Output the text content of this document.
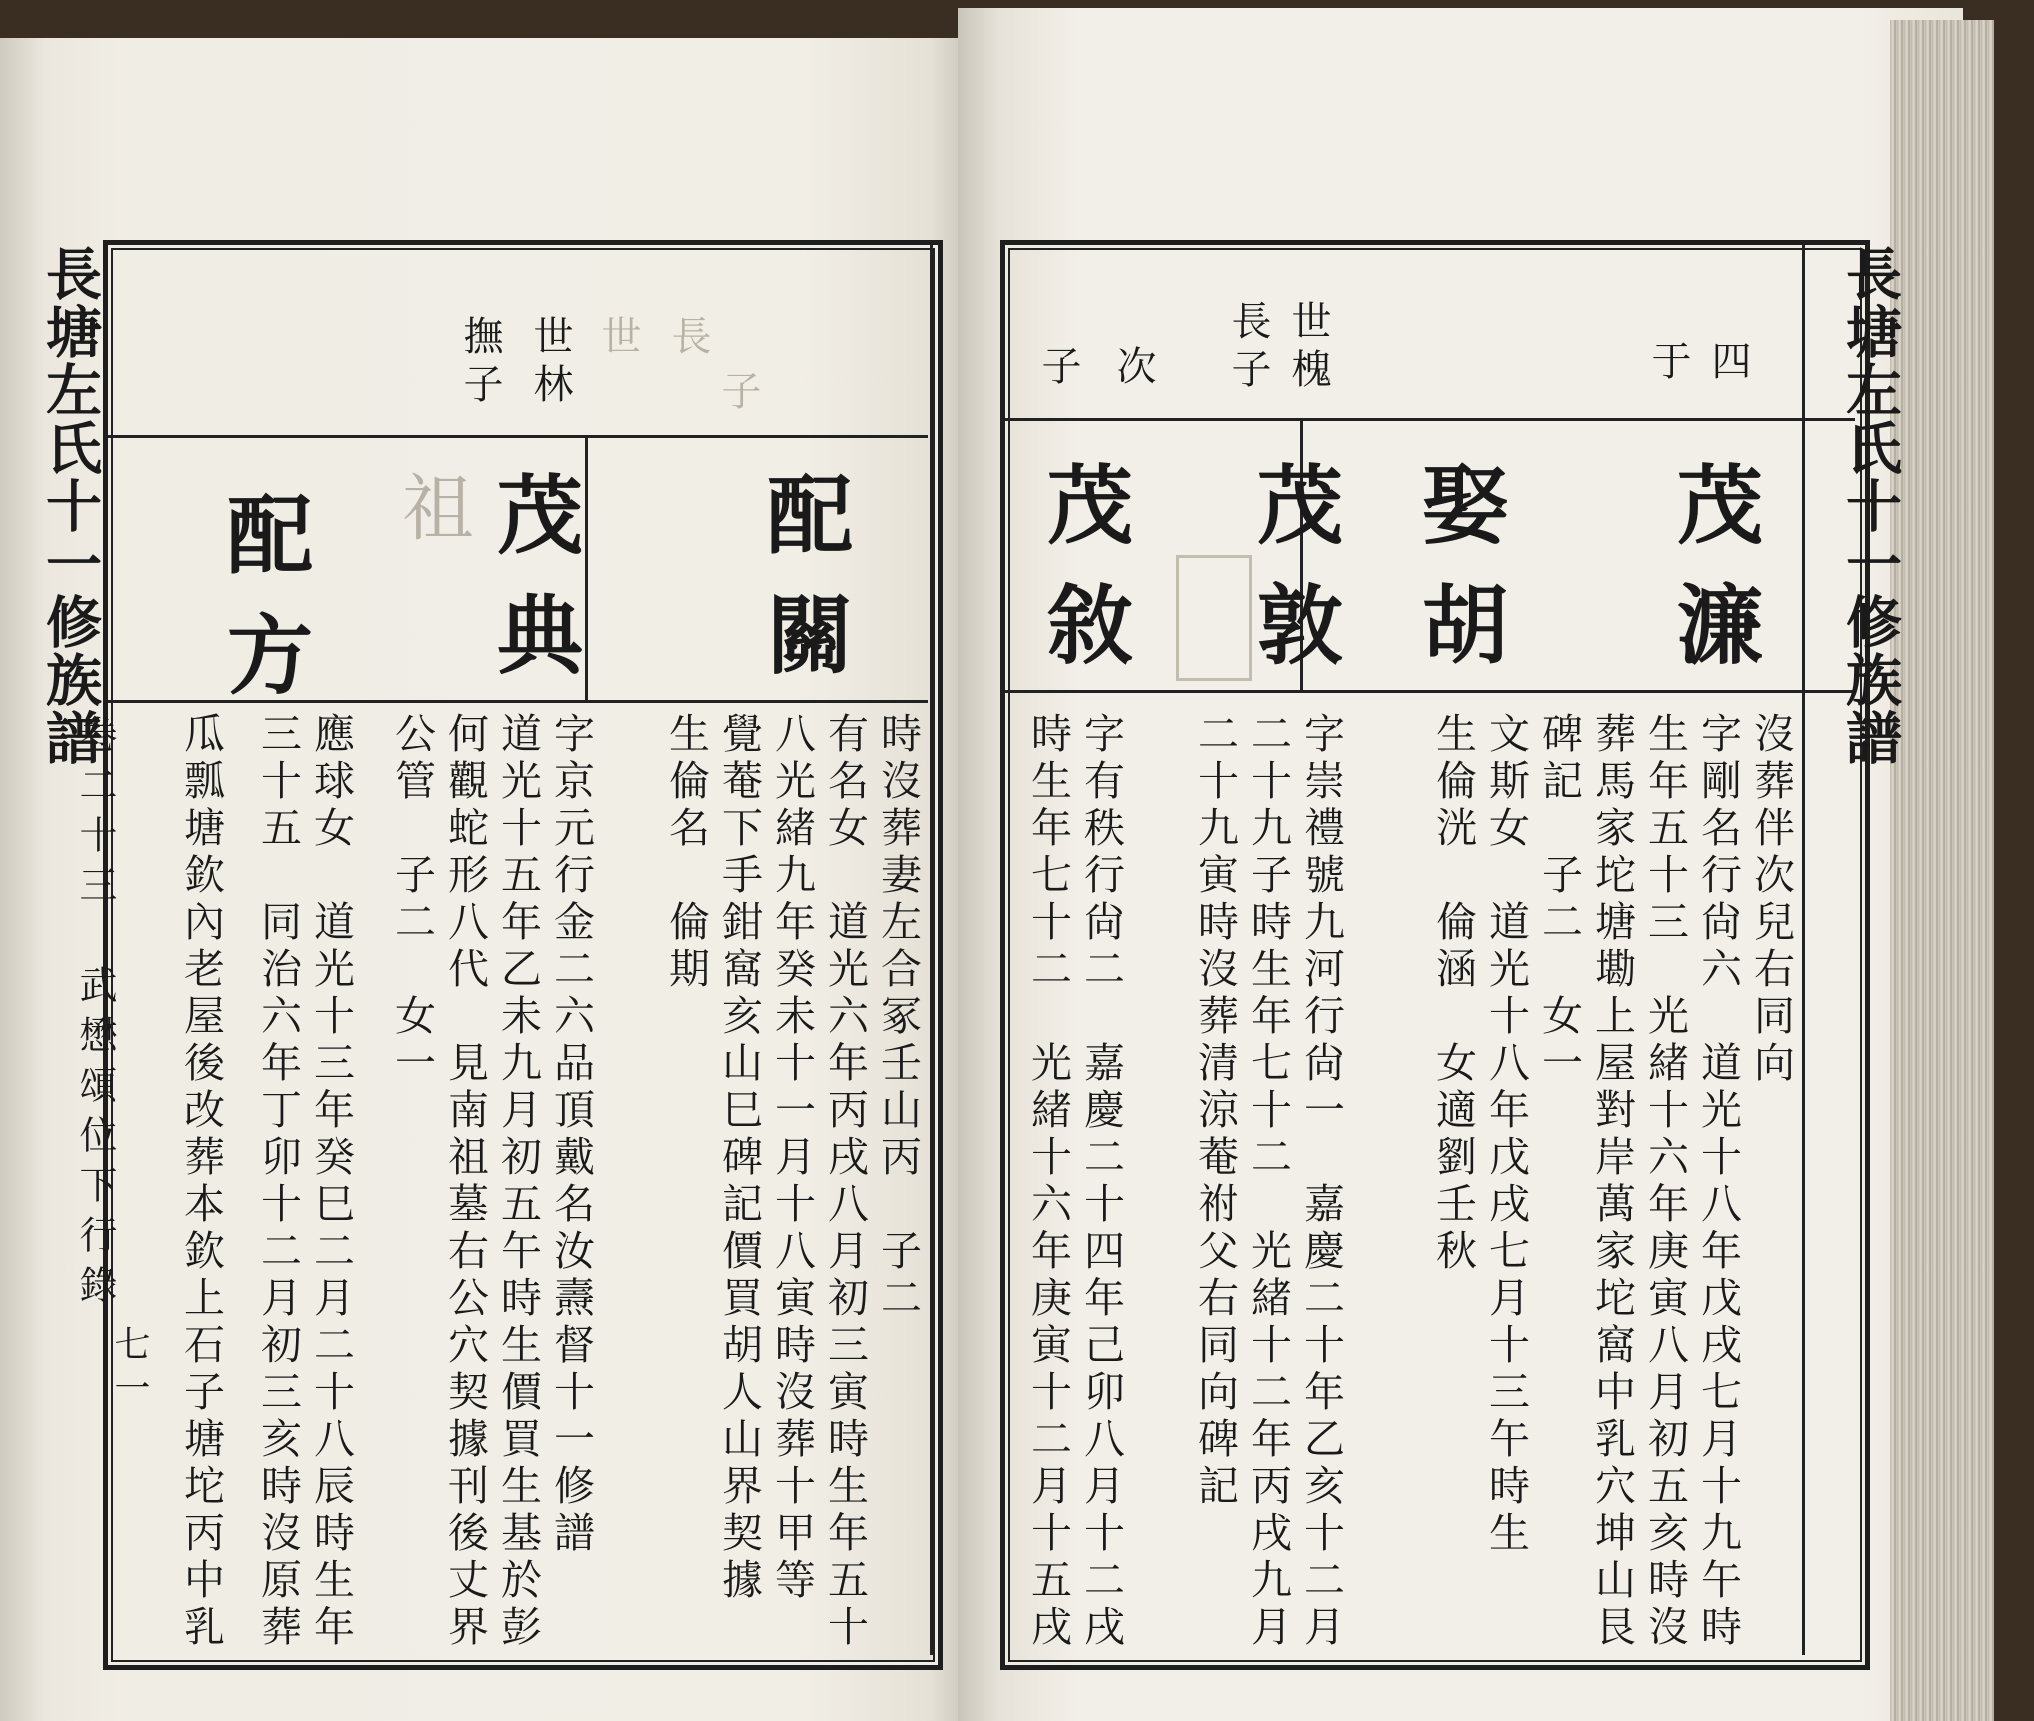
長塘左氏十一修族譜
卷二十三　武懋頌位下行錄
七一
長塘左氏十一修族譜
世林
撫子	長
世
子
祖	配
關
茂
典
配
方
時沒葬妻左合冢壬山丙　子二
有名女　道光六年丙戌八月初三寅時生年五十
八光緒九年癸未十一月十八寅時沒葬十甲等
覺菴下手鉗窩亥山巳碑記價買胡人山界契據
生倫名　倫期
字京元行金二六品頂戴名汝燾督十一修譜
道光十五年乙未九月初五午時生價買生基於彭
何觀蛇形八代　見南祖墓右公穴契據刊後丈界
公管　子二　女一
應球女　道光十三年癸巳二月二十八辰時生年
三十五　同治六年丁卯十二月初三亥時沒原葬
瓜瓢塘欽內老屋後改葬本欽上石子塘坨丙中乳
四
于
世槐
長子
次
子
茂
濂
娶
胡
茂
敦
茂
敘
沒葬伴次兒右同向
字剛名行尙六　道光十八年戊戌七月十九午時
生年五十三　光緒十六年庚寅八月初五亥時沒
葬馬家坨塘墈上屋對岸萬家坨窩中乳穴坤山艮
碑記　子二　女一
文斯女　道光十八年戊戌七月十三午時生
生倫洸　倫涵　女適劉壬秋
字崇禮號九河行尙一　嘉慶二十年乙亥十二月
二十九子時生年七十二　光緒十二年丙戌九月
二十九寅時沒葬清涼菴祔父右同向碑記
字有秩行尙二　嘉慶二十四年己卯八月十二戌
時生年七十二　光緒十六年庚寅十二月十五戌
